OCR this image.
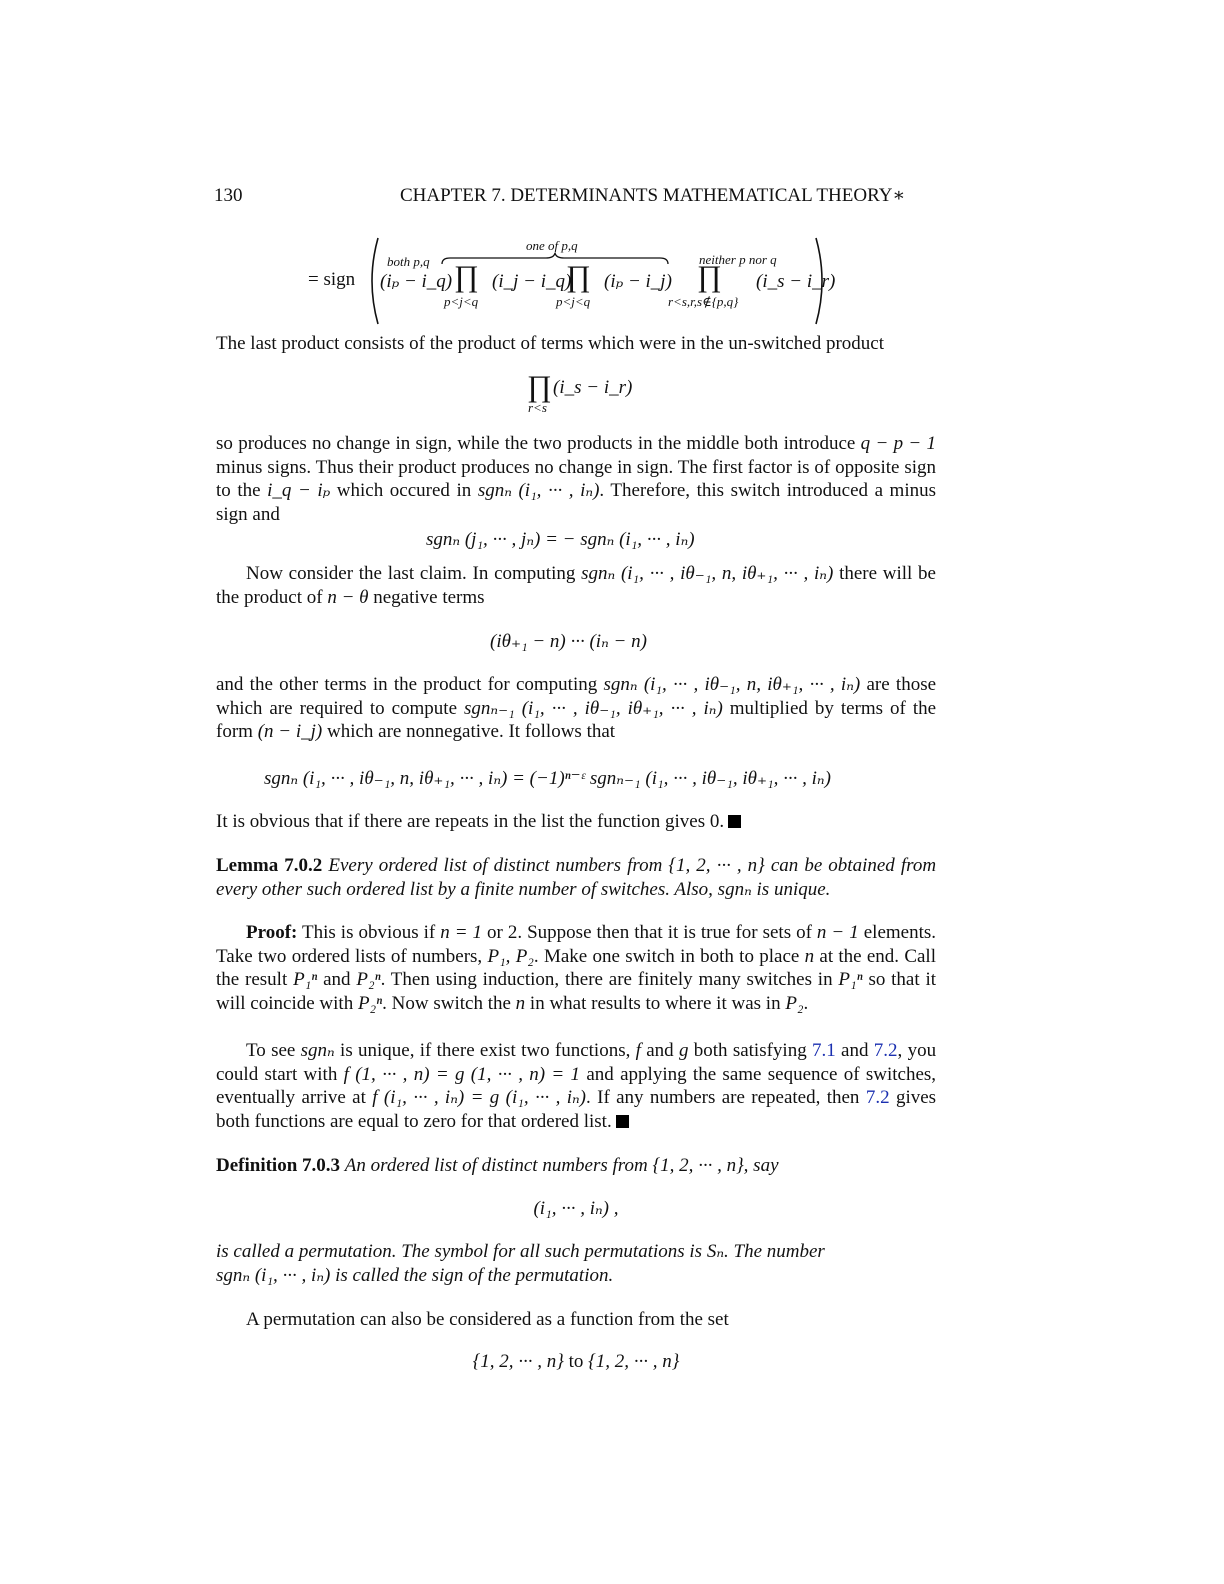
130	CHAPTER 7. DETERMINANTS MATHEMATICAL THEORY∗
= sign
both p,q
one of p,q
neither p nor q
(iₚ − i_q) ∏ (i_j − i_q)
∏ (iₚ − i_j) ∏ (i_s − i_r)
p<j<q	p<j<q	r<s,r,s∉{p,q}
The last product consists of the product of terms which were in the un-switched product
∏ (i_s − i_r)
r<s
so produces no change in sign, while the two products in the middle both introduce q − p − 1 minus signs. Thus their product produces no change in sign. The first factor is of opposite sign to the i_q − iₚ which occured in sgnₙ (i₁, ··· , iₙ). Therefore, this switch introduced a minus sign and
sgnₙ (j₁, ··· , jₙ) = − sgnₙ (i₁, ··· , iₙ)
Now consider the last claim. In computing sgnₙ (i₁, ··· , iθ₋₁, n, iθ₊₁, ··· , iₙ) there will be the product of n − θ negative terms
(iθ₊₁ − n) ··· (iₙ − n)
and the other terms in the product for computing sgnₙ (i₁, ··· , iθ₋₁, n, iθ₊₁, ··· , iₙ) are those which are required to compute sgnₙ₋₁ (i₁, ··· , iθ₋₁, iθ₊₁, ··· , iₙ) multiplied by terms of the form (n − i_j) which are nonnegative. It follows that
sgnₙ (i₁, ··· , iθ₋₁, n, iθ₊₁, ··· , iₙ) = (−1)ⁿ⁻ᵋ sgnₙ₋₁ (i₁, ··· , iθ₋₁, iθ₊₁, ··· , iₙ)
It is obvious that if there are repeats in the list the function gives 0.
Lemma 7.0.2 Every ordered list of distinct numbers from {1, 2, ··· , n} can be obtained from every other such ordered list by a finite number of switches. Also, sgnₙ is unique.
Proof: This is obvious if n = 1 or 2. Suppose then that it is true for sets of n − 1 elements. Take two ordered lists of numbers, P₁, P₂. Make one switch in both to place n at the end. Call the result P₁ⁿ and P₂ⁿ. Then using induction, there are finitely many switches in P₁ⁿ so that it will coincide with P₂ⁿ. Now switch the n in what results to where it was in P₂.
To see sgnₙ is unique, if there exist two functions, f and g both satisfying 7.1 and 7.2, you could start with f (1, ··· , n) = g (1, ··· , n) = 1 and applying the same sequence of switches, eventually arrive at f (i₁, ··· , iₙ) = g (i₁, ··· , iₙ). If any numbers are repeated, then 7.2 gives both functions are equal to zero for that ordered list.
Definition 7.0.3 An ordered list of distinct numbers from {1, 2, ··· , n}, say
(i₁, ··· , iₙ) ,
is called a permutation. The symbol for all such permutations is Sₙ. The number sgnₙ (i₁, ··· , iₙ) is called the sign of the permutation.
A permutation can also be considered as a function from the set
{1, 2, ··· , n} to {1, 2, ··· , n}
